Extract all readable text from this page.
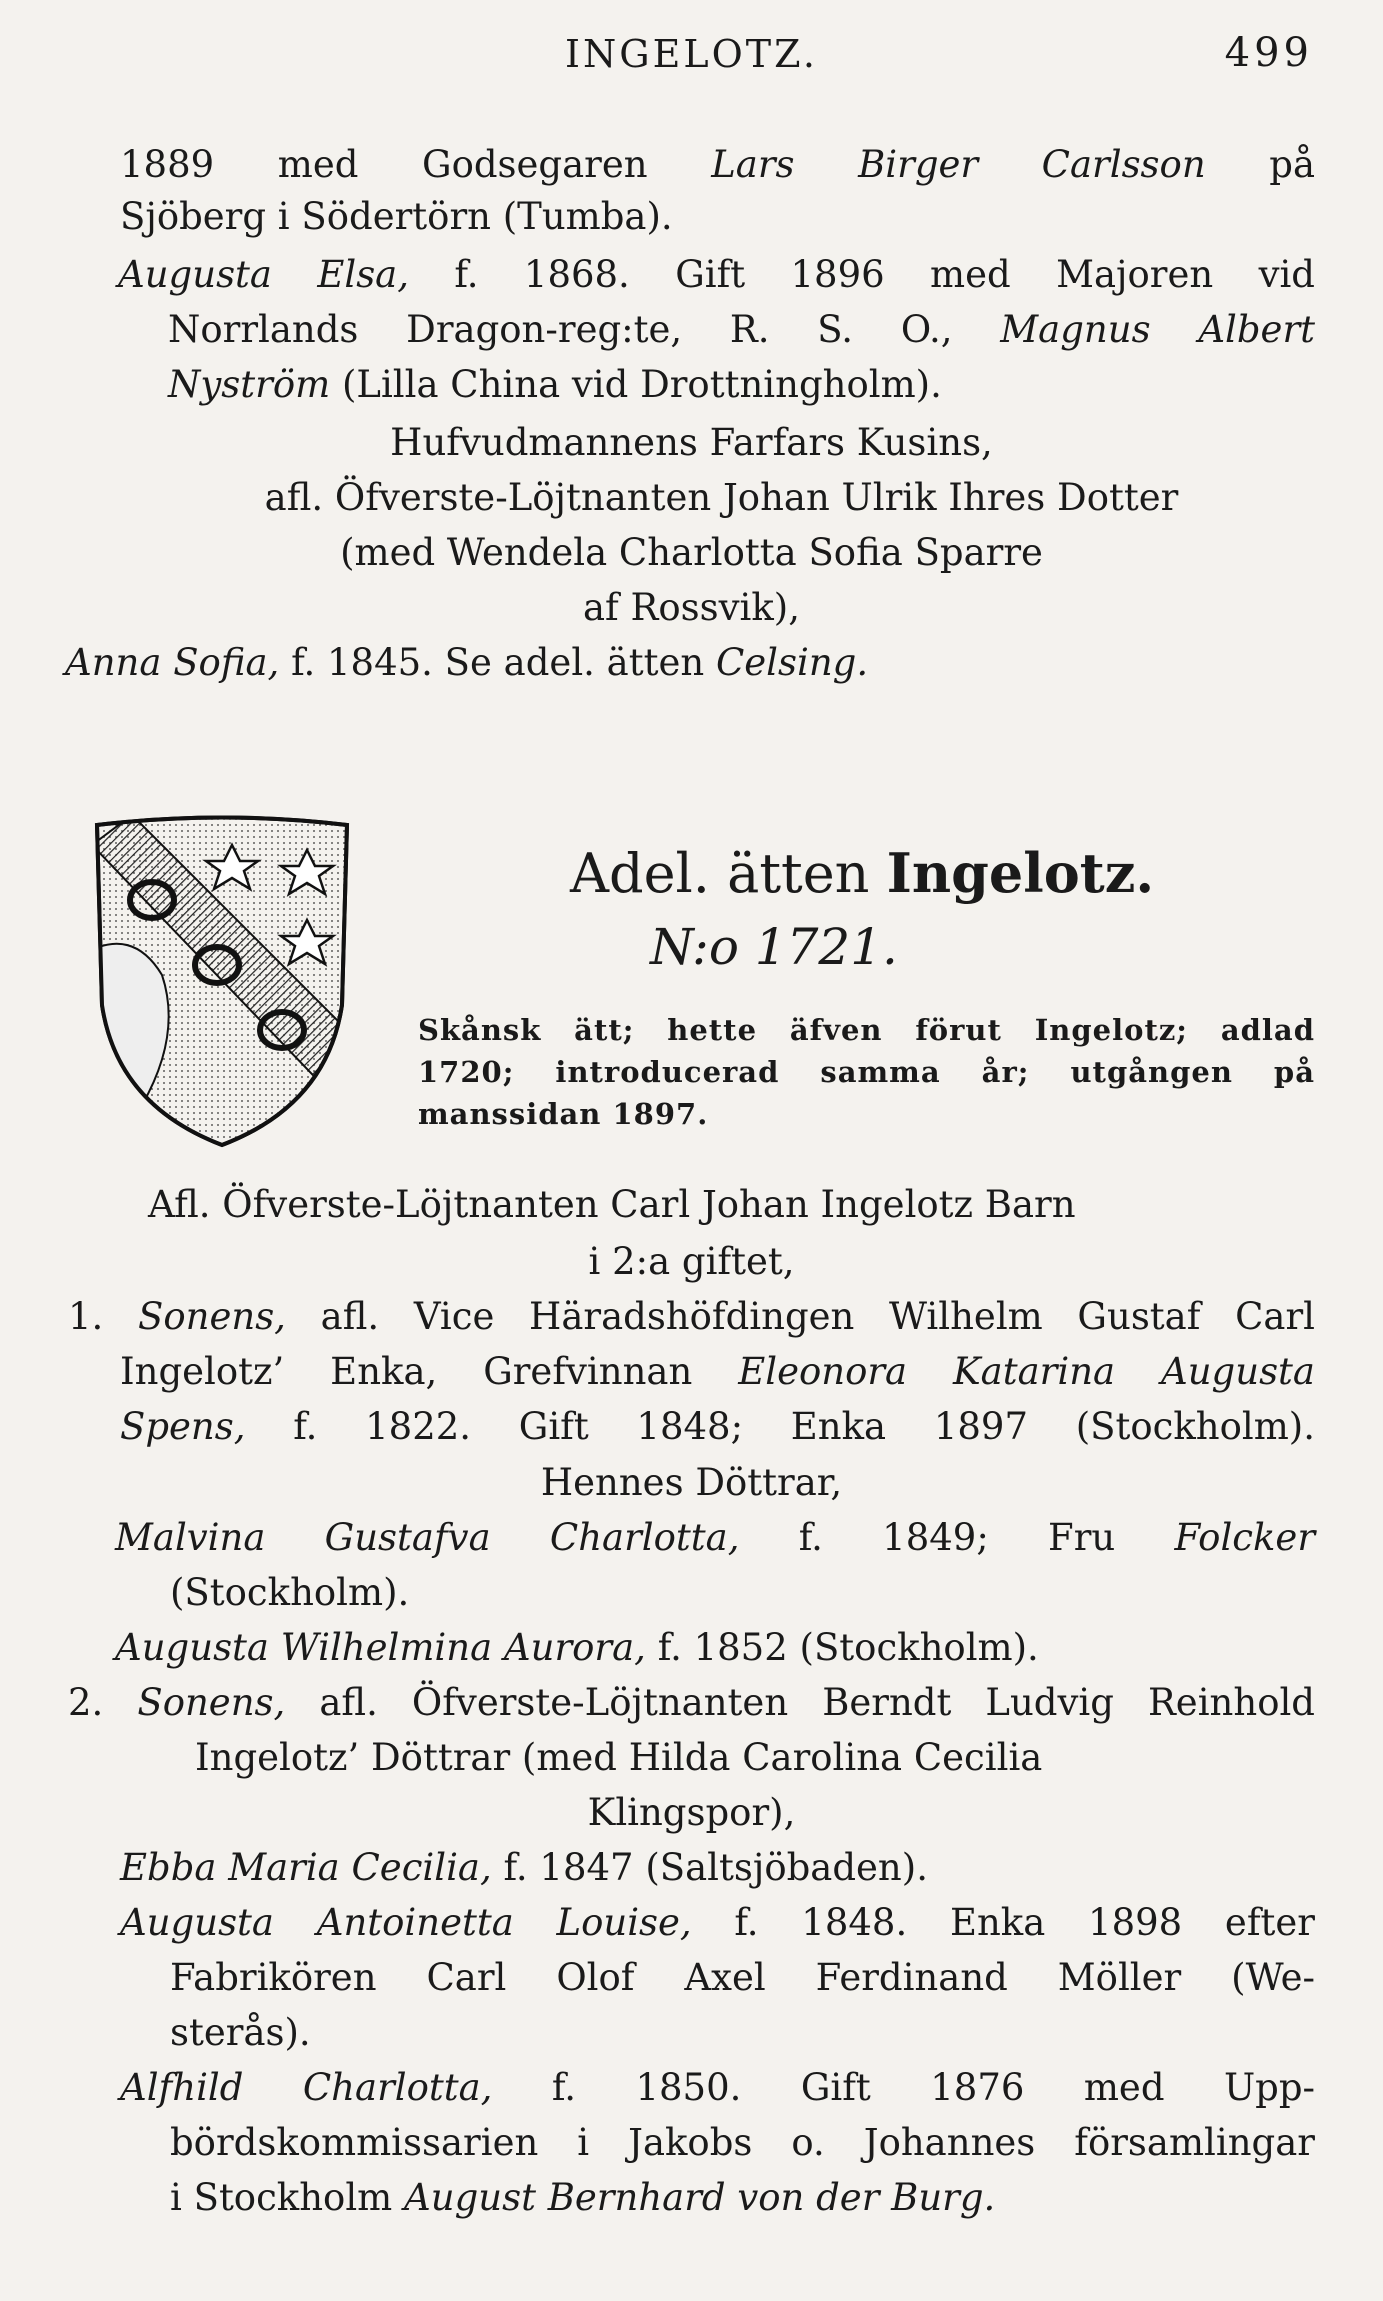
INGELOTZ.	499
1889 med Godsegaren Lars Birger Carlsson på
Sjöberg i Södertörn (Tumba).
Augusta Elsa, f. 1868. Gift 1896 med Majoren vid
Norrlands Dragon-reg:te, R. S. O., Magnus Albert
Nyström (Lilla China vid Drottningholm).
Hufvudmannens Farfars Kusins,
afl. Öfverste-Löjtnanten Johan Ulrik Ihres Dotter
(med Wendela Charlotta Sofia Sparre
af Rossvik),
Anna Sofia, f. 1845. Se adel. ätten Celsing.
Adel. ätten Ingelotz.
N:o 1721.
Skånsk ätt; hette äfven förut Ingelotz; adlad
1720; introducerad samma år; utgången på
manssidan 1897.
Afl. Öfverste-Löjtnanten Carl Johan Ingelotz Barn
i 2:a giftet,
1. Sonens, afl. Vice Häradshöfdingen Wilhelm Gustaf Carl
Ingelotz’ Enka, Grefvinnan Eleonora Katarina Augusta
Spens, f. 1822. Gift 1848; Enka 1897 (Stockholm).
Hennes Döttrar,
Malvina Gustafva Charlotta, f. 1849; Fru Folcker
(Stockholm).
Augusta Wilhelmina Aurora, f. 1852 (Stockholm).
2. Sonens, afl. Öfverste-Löjtnanten Berndt Ludvig Reinhold
Ingelotz’ Döttrar (med Hilda Carolina Cecilia
Klingspor),
Ebba Maria Cecilia, f. 1847 (Saltsjöbaden).
Augusta Antoinetta Louise, f. 1848. Enka 1898 efter
Fabrikören Carl Olof Axel Ferdinand Möller (We-
sterås).
Alfhild Charlotta, f. 1850. Gift 1876 med Upp-
bördskommissarien i Jakobs o. Johannes församlingar
i Stockholm August Bernhard von der Burg.
